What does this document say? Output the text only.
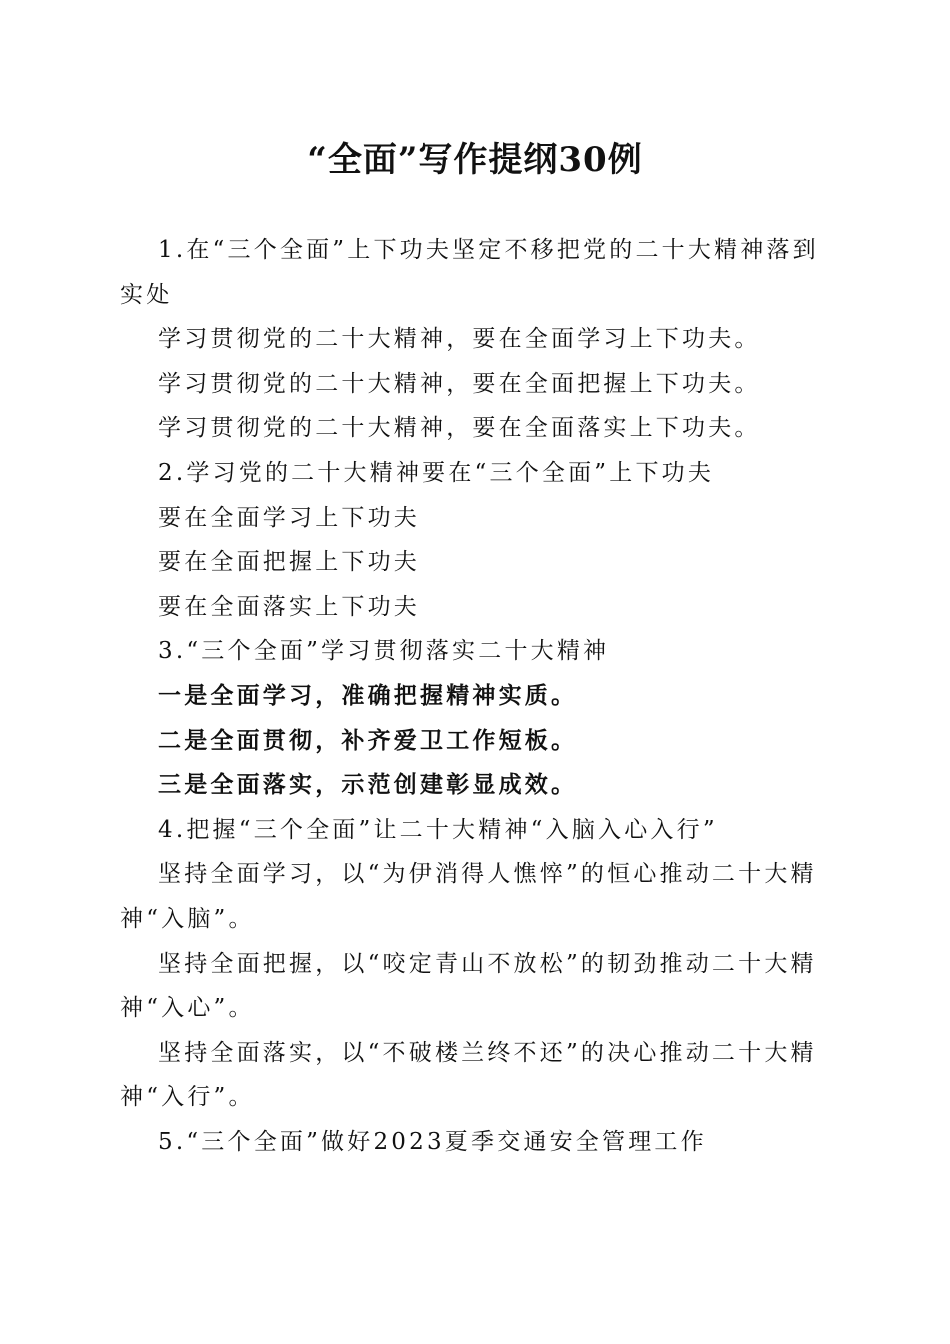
“全面”写作提纲30例

1.在“三个全面”上下功夫坚定不移把党的二十大精神落到实处

学习贯彻党的二十大精神，要在全面学习上下功夫。

学习贯彻党的二十大精神，要在全面把握上下功夫。

学习贯彻党的二十大精神，要在全面落实上下功夫。

2.学习党的二十大精神要在“三个全面”上下功夫

要在全面学习上下功夫

要在全面把握上下功夫

要在全面落实上下功夫

3.“三个全面”学习贯彻落实二十大精神

一是全面学习，准确把握精神实质。

二是全面贯彻，补齐爱卫工作短板。

三是全面落实，示范创建彰显成效。

4.把握“三个全面”让二十大精神“入脑入心入行”

坚持全面学习，以“为伊消得人憔悴”的恒心推动二十大精神“入脑”。

坚持全面把握，以“咬定青山不放松”的韧劲推动二十大精神“入心”。

坚持全面落实，以“不破楼兰终不还”的决心推动二十大精神“入行”。

5.“三个全面”做好2023夏季交通安全管理工作
